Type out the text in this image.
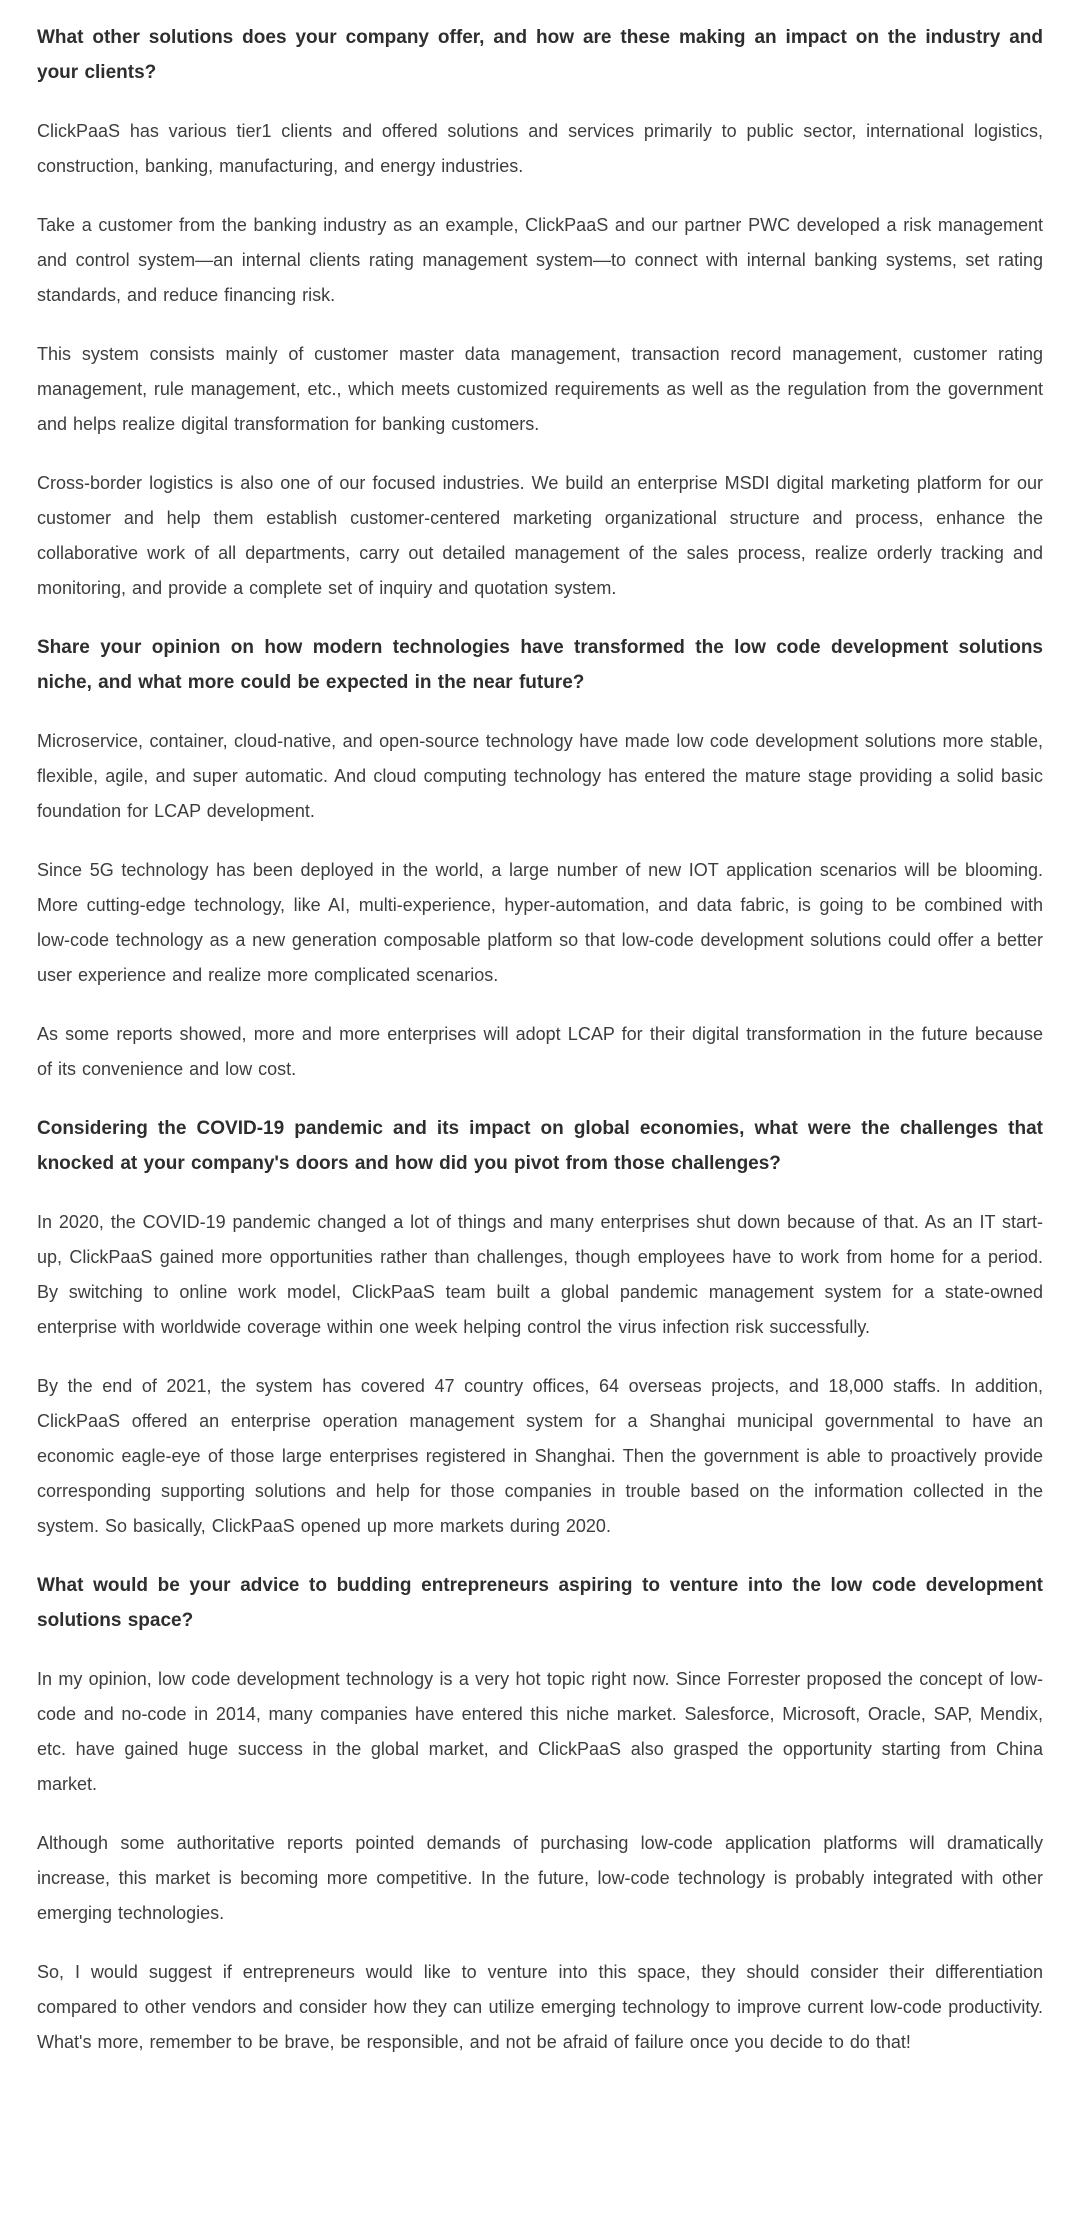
What other solutions does your company offer, and how are these making an impact on the industry and your clients?

ClickPaaS has various tier1 clients and offered solutions and services primarily to public sector, international logistics, construction, banking, manufacturing, and energy industries.

Take a customer from the banking industry as an example, ClickPaaS and our partner PWC developed a risk management and control system—an internal clients rating management system—to connect with internal banking systems, set rating standards, and reduce financing risk.

This system consists mainly of customer master data management, transaction record management, customer rating management, rule management, etc., which meets customized requirements as well as the regulation from the government and helps realize digital transformation for banking customers.

Cross-border logistics is also one of our focused industries. We build an enterprise MSDI digital marketing platform for our customer and help them establish customer-centered marketing organizational structure and process, enhance the collaborative work of all departments, carry out detailed management of the sales process, realize orderly tracking and monitoring, and provide a complete set of inquiry and quotation system.

Share your opinion on how modern technologies have transformed the low code development solutions niche, and what more could be expected in the near future?

Microservice, container, cloud-native, and open-source technology have made low code development solutions more stable, flexible, agile, and super automatic. And cloud computing technology has entered the mature stage providing a solid basic foundation for LCAP development.

Since 5G technology has been deployed in the world, a large number of new IOT application scenarios will be blooming. More cutting-edge technology, like AI, multi-experience, hyper-automation, and data fabric, is going to be combined with low-code technology as a new generation composable platform so that low-code development solutions could offer a better user experience and realize more complicated scenarios.

As some reports showed, more and more enterprises will adopt LCAP for their digital transformation in the future because of its convenience and low cost.

Considering the COVID-19 pandemic and its impact on global economies, what were the challenges that knocked at your company's doors and how did you pivot from those challenges?

In 2020, the COVID-19 pandemic changed a lot of things and many enterprises shut down because of that. As an IT start-up, ClickPaaS gained more opportunities rather than challenges, though employees have to work from home for a period. By switching to online work model, ClickPaaS team built a global pandemic management system for a state-owned enterprise with worldwide coverage within one week helping control the virus infection risk successfully.

By the end of 2021, the system has covered 47 country offices, 64 overseas projects, and 18,000 staffs. In addition, ClickPaaS offered an enterprise operation management system for a Shanghai municipal governmental to have an economic eagle-eye of those large enterprises registered in Shanghai. Then the government is able to proactively provide corresponding supporting solutions and help for those companies in trouble based on the information collected in the system. So basically, ClickPaaS opened up more markets during 2020.

What would be your advice to budding entrepreneurs aspiring to venture into the low code development solutions space?

In my opinion, low code development technology is a very hot topic right now. Since Forrester proposed the concept of low-code and no-code in 2014, many companies have entered this niche market. Salesforce, Microsoft, Oracle, SAP, Mendix, etc. have gained huge success in the global market, and ClickPaaS also grasped the opportunity starting from China market.

Although some authoritative reports pointed demands of purchasing low-code application platforms will dramatically increase, this market is becoming more competitive. In the future, low-code technology is probably integrated with other emerging technologies.

So, I would suggest if entrepreneurs would like to venture into this space, they should consider their differentiation compared to other vendors and consider how they can utilize emerging technology to improve current low-code productivity. What's more, remember to be brave, be responsible, and not be afraid of failure once you decide to do that!
